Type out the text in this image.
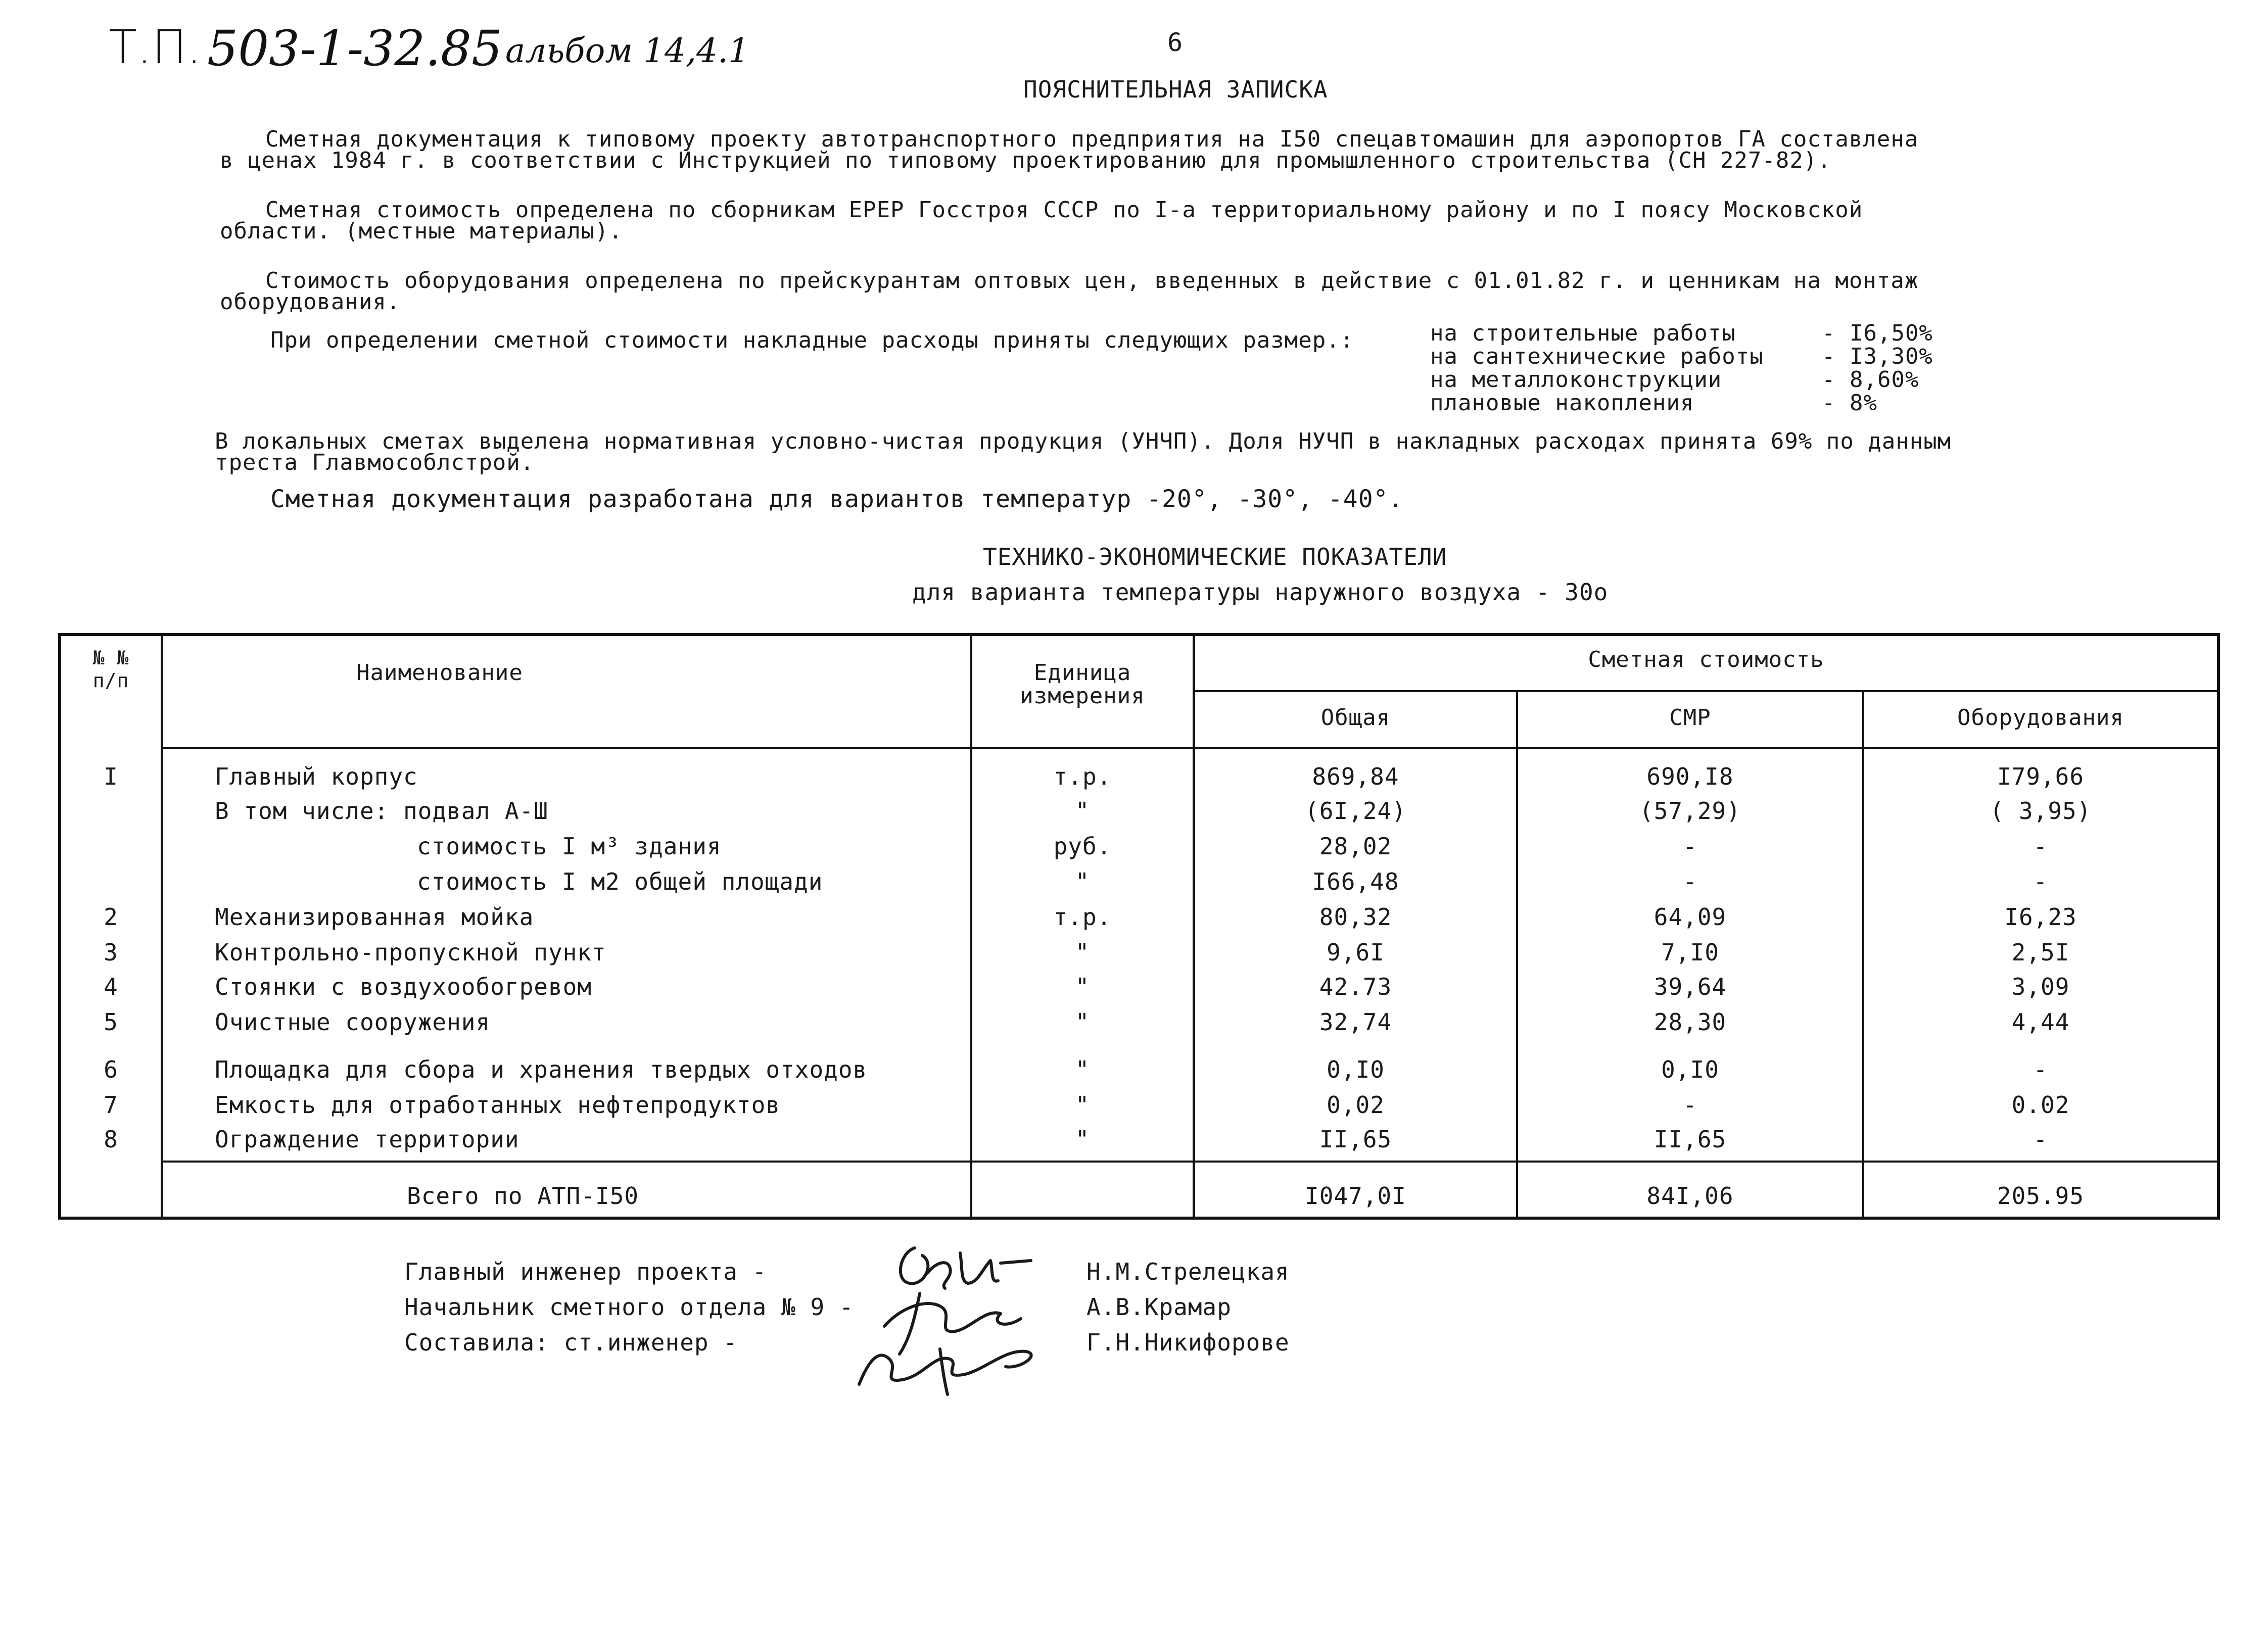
Т.П. 503-1-32.85 альбом 14,4.1	6
ПОЯСНИТЕЛЬНАЯ ЗАПИСКА
Сметная документация к типовому проекту автотранспортного предприятия на I50 спецавтомашин для аэропортов ГА составлена
в ценах 1984 г. в соответствии с Инструкцией по типовому проектированию для промышленного строительства (СН 227-82).
Сметная стоимость определена по сборникам ЕРЕР Госстроя СССР по I-а территориальному району и по I поясу Московской
области. (местные материалы).
Стоимость оборудования определена по прейскурантам оптовых цен, введенных в действие с 01.01.82 г. и ценникам на монтаж
оборудования.
При определении сметной стоимости накладные расходы приняты следующих размер.:	на строительные работы	- I6,50%
на сантехнические работы	- I3,30%
на металлоконструкции	- 8,60%
плановые накопления	- 8%
В локальных сметах выделена нормативная условно-чистая продукция (УНЧП). Доля НУЧП в накладных расходах принята 69% по данным
треста Главмособлстрой.
Сметная документация разработана для вариантов температур -20°, -30°, -40°.
ТЕХНИКО-ЭКОНОМИЧЕСКИЕ ПОКАЗАТЕЛИ
для варианта температуры наружного воздуха - 30о
№ №
п/п	Наименование	Единица
измерения
Сметная стоимость
Общая	СМР	Оборудования
I	Главный корпус	т.р.	869,84	690,I8	I79,66
В том числе: подвал А-Ш	"	(6I,24)	(57,29)	( 3,95)
стоимость I м³ здания	руб.	28,02	-	-
стоимость I м2 общей площади	"	I66,48	-	-
2	Механизированная мойка	т.р.	80,32	64,09	I6,23
3	Контрольно-пропускной пункт	"	9,6I	7,I0	2,5I
4	Стоянки с воздухообогревом	"	42.73	39,64	3,09
5	Очистные сооружения	"	32,74	28,30	4,44
6	Площадка для сбора и хранения твердых отходов	"	0,I0	0,I0	-
7	Емкость для отработанных нефтепродуктов	"	0,02	-	0.02
8	Ограждение территории	"	II,65	II,65	-
Всего по АТП-I50	I047,0I	84I,06	205.95
Главный инженер проекта -	Н.М.Стрелецкая
Начальник сметного отдела № 9 -	А.В.Крамар
Составила: ст.инженер -	Г.Н.Никифорове
